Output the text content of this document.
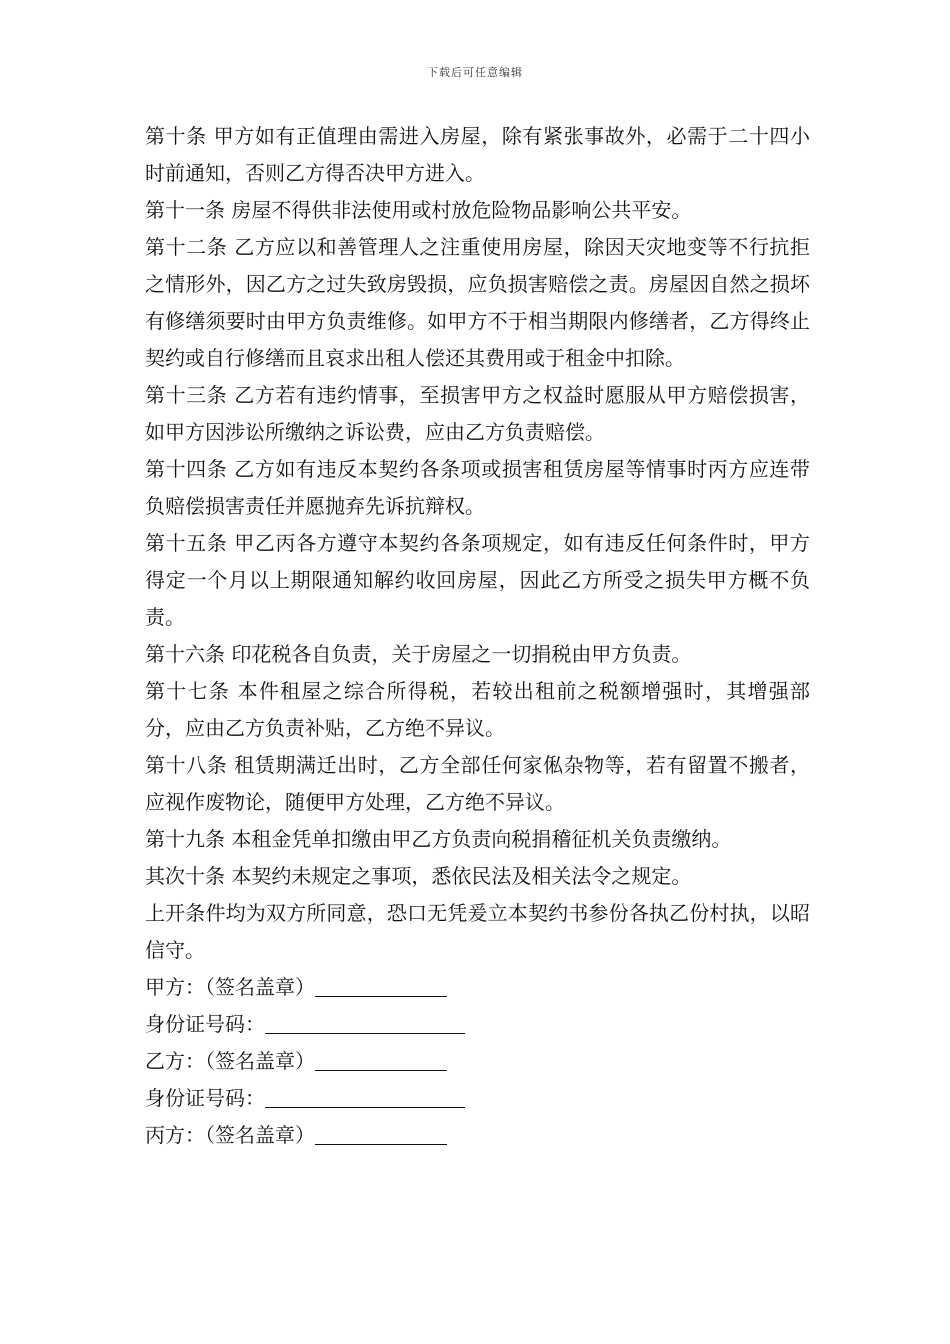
下载后可任意编辑

第十条 甲方如有正值理由需进入房屋，除有紧张事故外，必需于二十四小时前通知，否则乙方得否决甲方进入。

第十一条 房屋不得供非法使用或村放危险物品影响公共平安。

第十二条 乙方应以和善管理人之注重使用房屋，除因天灾地变等不行抗拒之情形外，因乙方之过失致房毁损，应负损害赔偿之责。房屋因自然之损坏有修缮须要时由甲方负责维修。如甲方不于相当期限内修缮者，乙方得终止契约或自行修缮而且哀求出租人偿还其费用或于租金中扣除。

第十三条 乙方若有违约情事，至损害甲方之权益时愿服从甲方赔偿损害，如甲方因涉讼所缴纳之诉讼费，应由乙方负责赔偿。

第十四条 乙方如有违反本契约各条项或损害租赁房屋等情事时丙方应连带负赔偿损害责任并愿抛弃先诉抗辩权。

第十五条 甲乙丙各方遵守本契约各条项规定，如有违反任何条件时，甲方得定一个月以上期限通知解约收回房屋，因此乙方所受之损失甲方概不负责。

第十六条 印花税各自负责，关于房屋之一切捐税由甲方负责。

第十七条 本件租屋之综合所得税，若较出租前之税额增强时，其增强部分，应由乙方负责补贴，乙方绝不异议。

第十八条 租赁期满迁出时，乙方全部任何家俬杂物等，若有留置不搬者，应视作废物论，随便甲方处理，乙方绝不异议。

第十九条 本租金凭单扣缴由甲乙方负责向税捐稽征机关负责缴纳。

其次十条 本契约未规定之事项，悉依民法及相关法令之规定。

上开条件均为双方所同意，恐口无凭爰立本契约书参份各执乙份村执，以昭信守。

甲方：（签名盖章）
身份证号码：
乙方：（签名盖章）
身份证号码：
丙方：（签名盖章）
